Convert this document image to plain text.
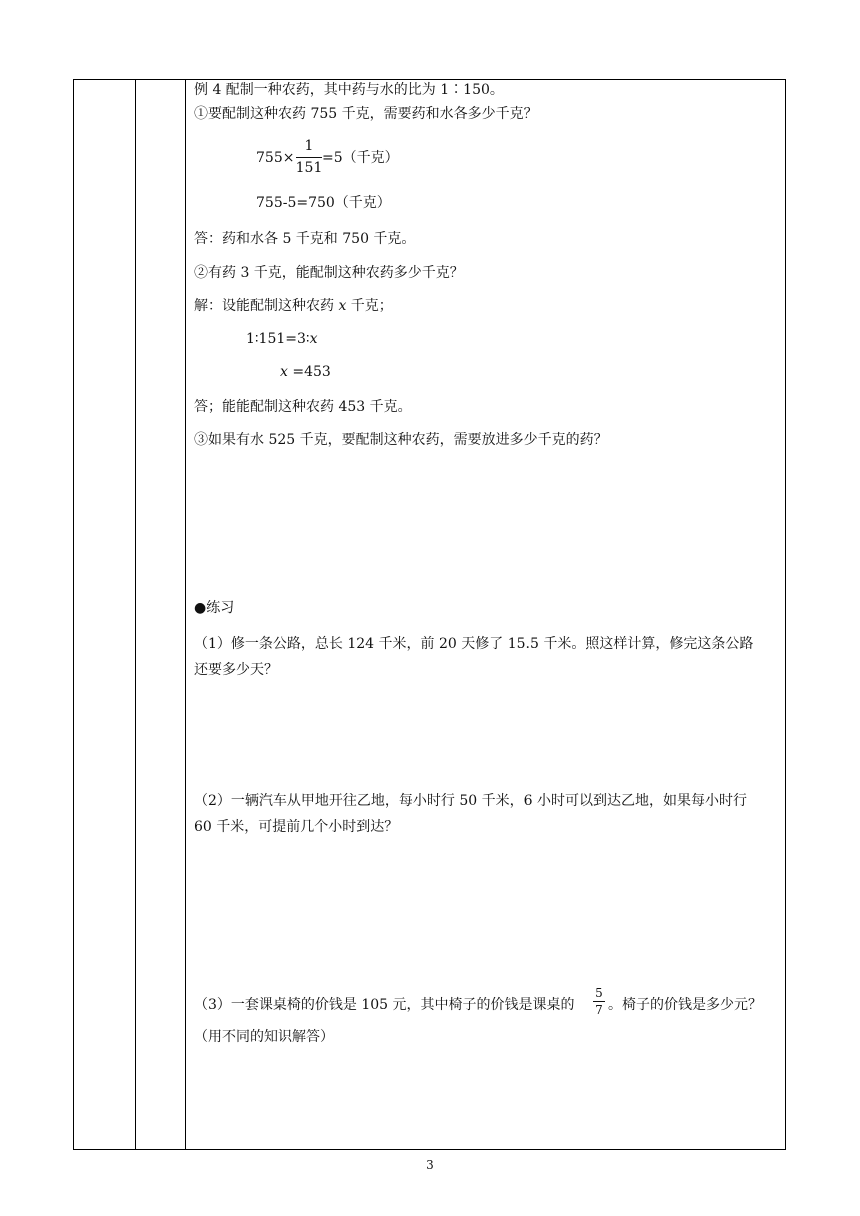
例 4 配制一种农药，其中药与水的比为 1∶150。
①要配制这种农药 755 千克，需要药和水各多少千克？
755×
1
151
=5（千克）
755-5=750（千克）
答：药和水各 5 千克和 750 千克。
②有药 3 千克，能配制这种农药多少千克？
解：设能配制这种农药 x 千克；
1∶151=3∶x
x =453
答；能能配制这种农药 453 千克。
③如果有水 525 千克，要配制这种农药，需要放进多少千克的药？
●练习
（1）修一条公路，总长 124 千米，前 20 天修了 15.5 千米。照这样计算，修完这条公路
还要多少天？
（2）一辆汽车从甲地开往乙地，每小时行 50 千米，6 小时可以到达乙地，如果每小时行
60 千米，可提前几个小时到达？
（3）一套课桌椅的价钱是 105 元，其中椅子的价钱是课桌的
5
7 。椅子的价钱是多少元？
（用不同的知识解答）
3
